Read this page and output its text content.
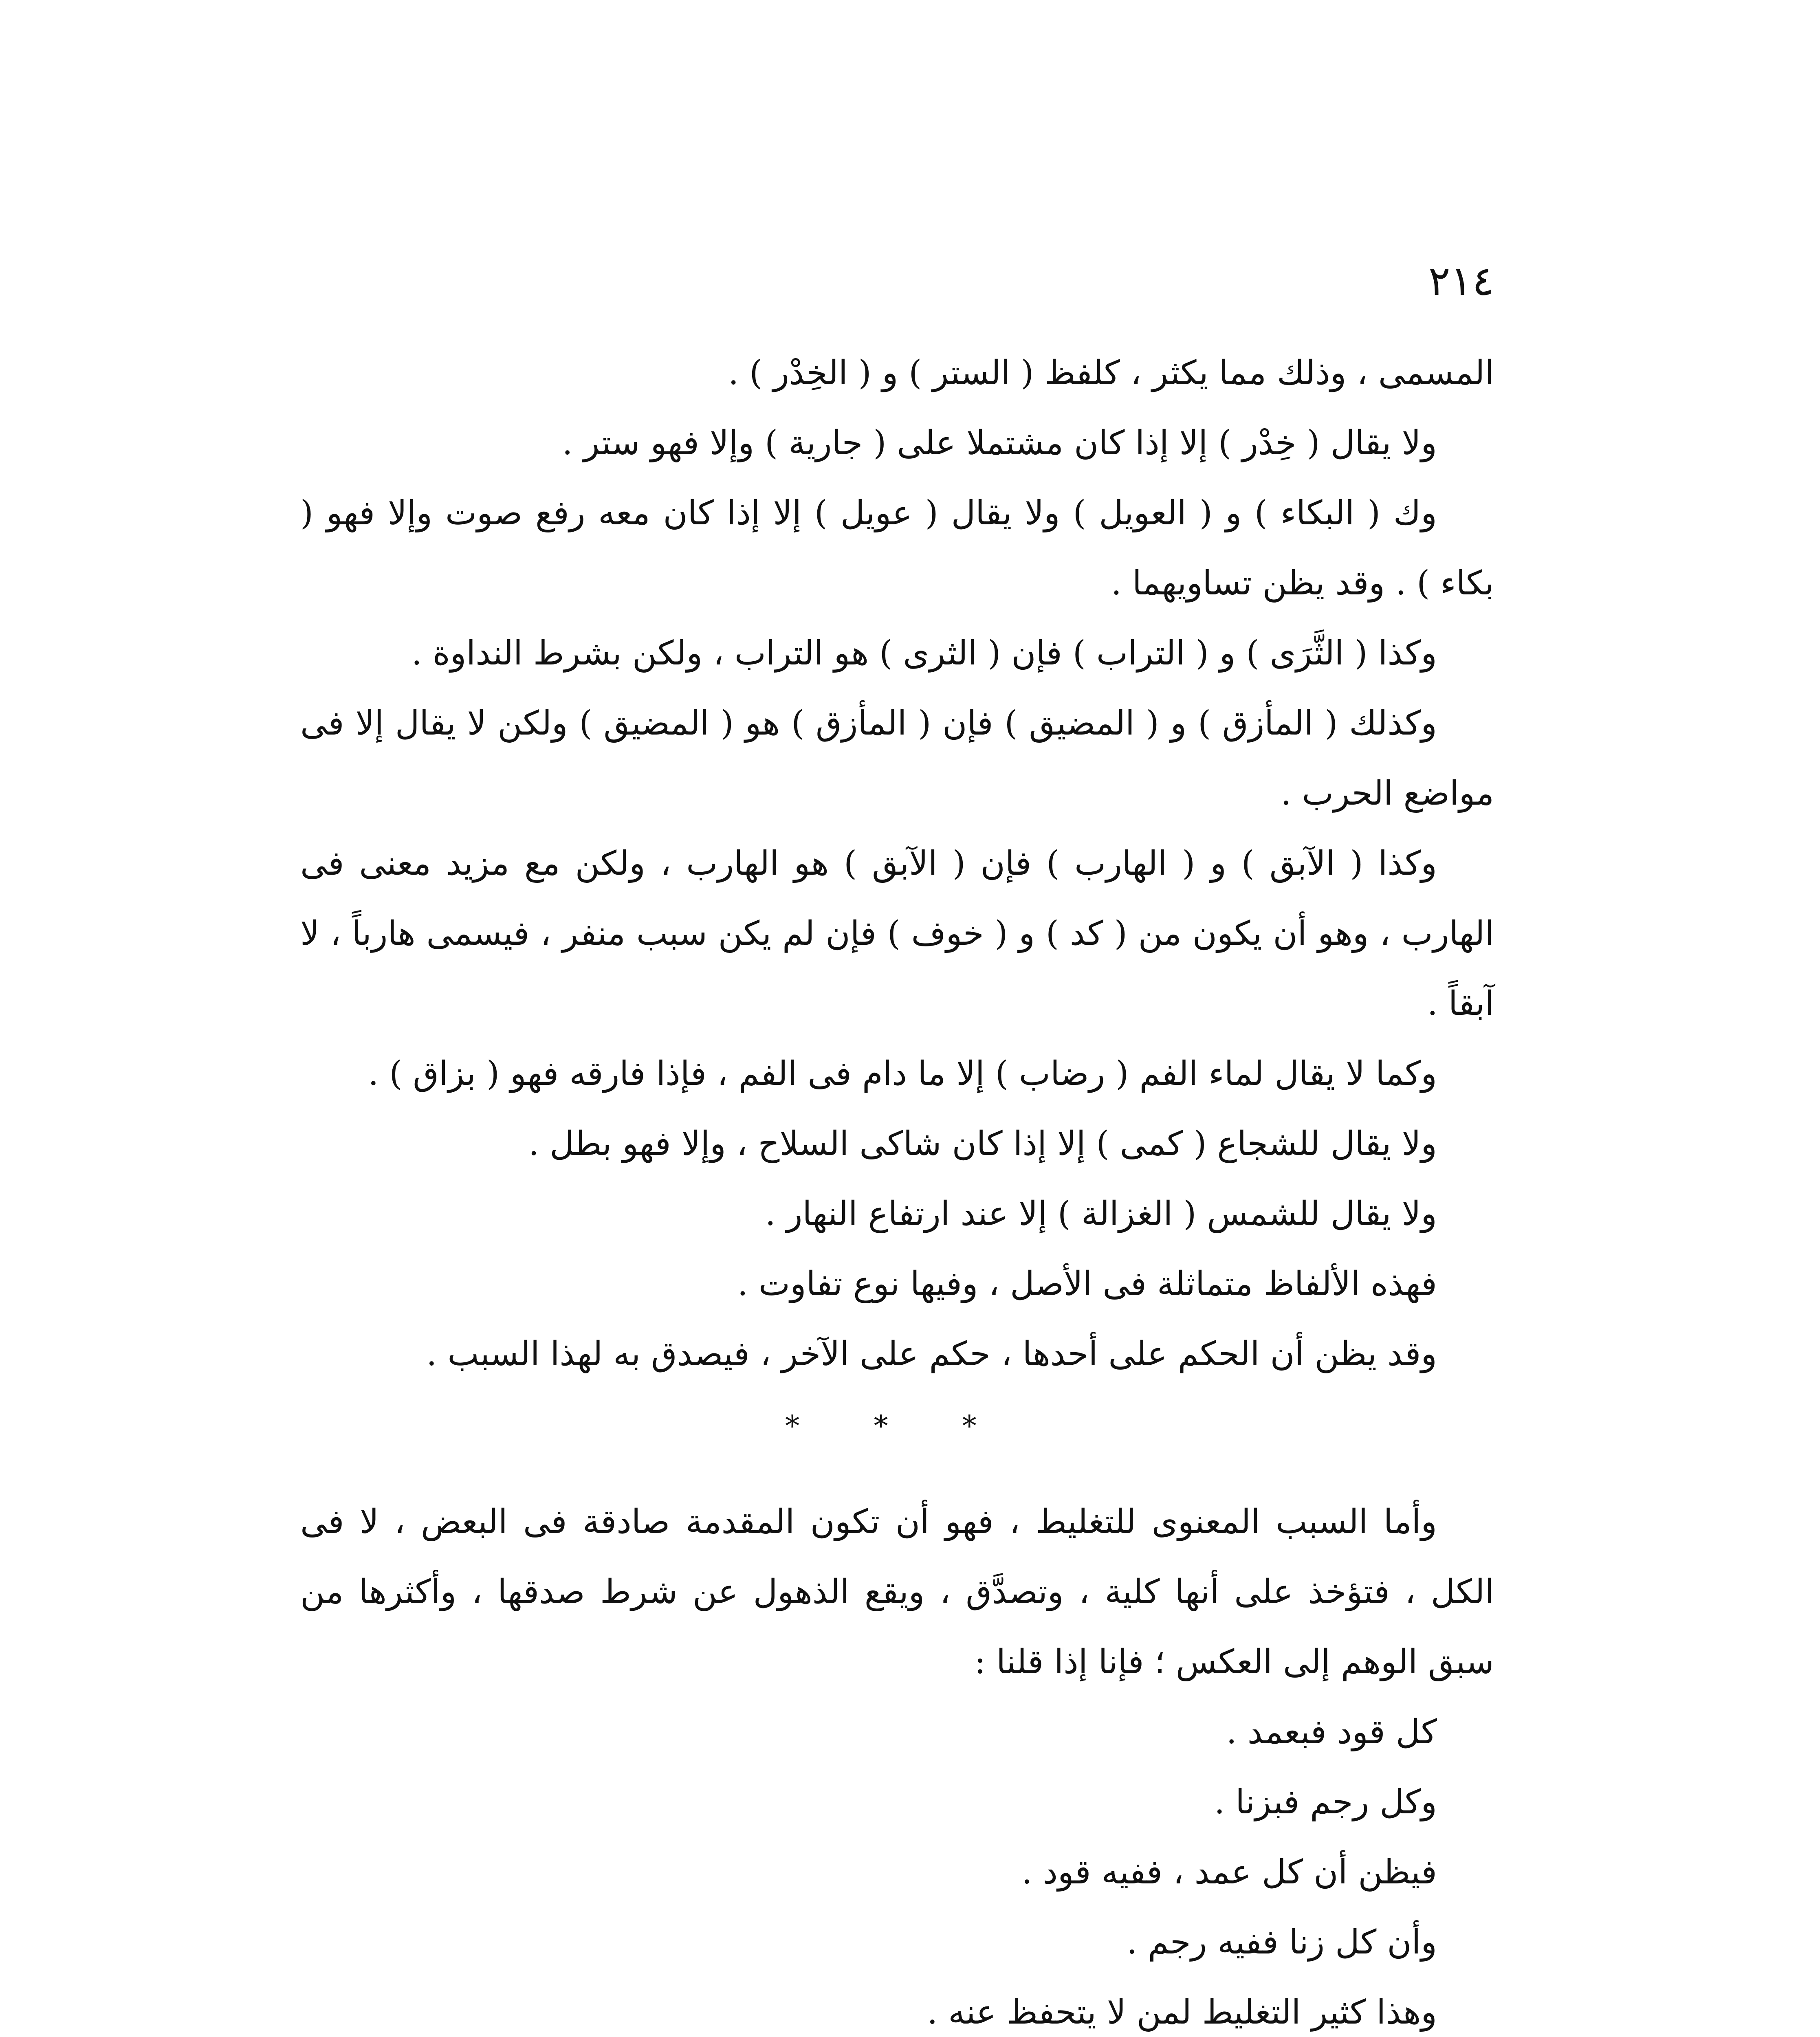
٢١٤

المسمى ، وذلك مما يكثر ، كلفظ ( الستر ) و ( الخِدْر ) .

ولا يقال ( خِدْر ) إلا إذا كان مشتملا على ( جارية ) وإلا فهو ستر .

وك ( البكاء ) و ( العويل ) ولا يقال ( عويل ) إلا إذا كان معه رفع صوت وإلا فهو ( بكاء ) . وقد يظن تساويهما .

وكذا ( الثَّرَى ) و ( التراب ) فإن ( الثرى ) هو التراب ، ولكن بشرط النداوة .

وكذلك ( المأزق ) و ( المضيق ) فإن ( المأزق ) هو ( المضيق ) ولكن لا يقال إلا فى مواضع الحرب .

وكذا ( الآبق ) و ( الهارب ) فإن ( الآبق ) هو الهارب ، ولكن مع مزيد معنى فى الهارب ، وهو أن يكون من ( كد ) و ( خوف ) فإن لم يكن سبب منفر ، فيسمى هارباً ، لا آبقاً .

وكما لا يقال لماء الفم ( رضاب ) إلا ما دام فى الفم ، فإذا فارقه فهو ( بزاق ) .

ولا يقال للشجاع ( كمى ) إلا إذا كان شاكى السلاح ، وإلا فهو بطل .

ولا يقال للشمس ( الغزالة ) إلا عند ارتفاع النهار .

فهذه الألفاظ متماثلة فى الأصل ، وفيها نوع تفاوت .

وقد يظن أن الحكم على أحدها ، حكم على الآخر ، فيصدق به لهذا السبب .

* * *

وأما السبب المعنوى للتغليط ، فهو أن تكون المقدمة صادقة فى البعض ، لا فى الكل ، فتؤخذ على أنها كلية ، وتصدَّق ، ويقع الذهول عن شرط صدقها ، وأكثرها من سبق الوهم إلى العكس ؛ فإنا إذا قلنا :

كل قود فبعمد .

وكل رجم فبزنا .

فيظن أن كل عمد ، ففيه قود .

وأن كل زنا ففيه رجم .

وهذا كثير التغليط لمن لا يتحفظ عنه .
